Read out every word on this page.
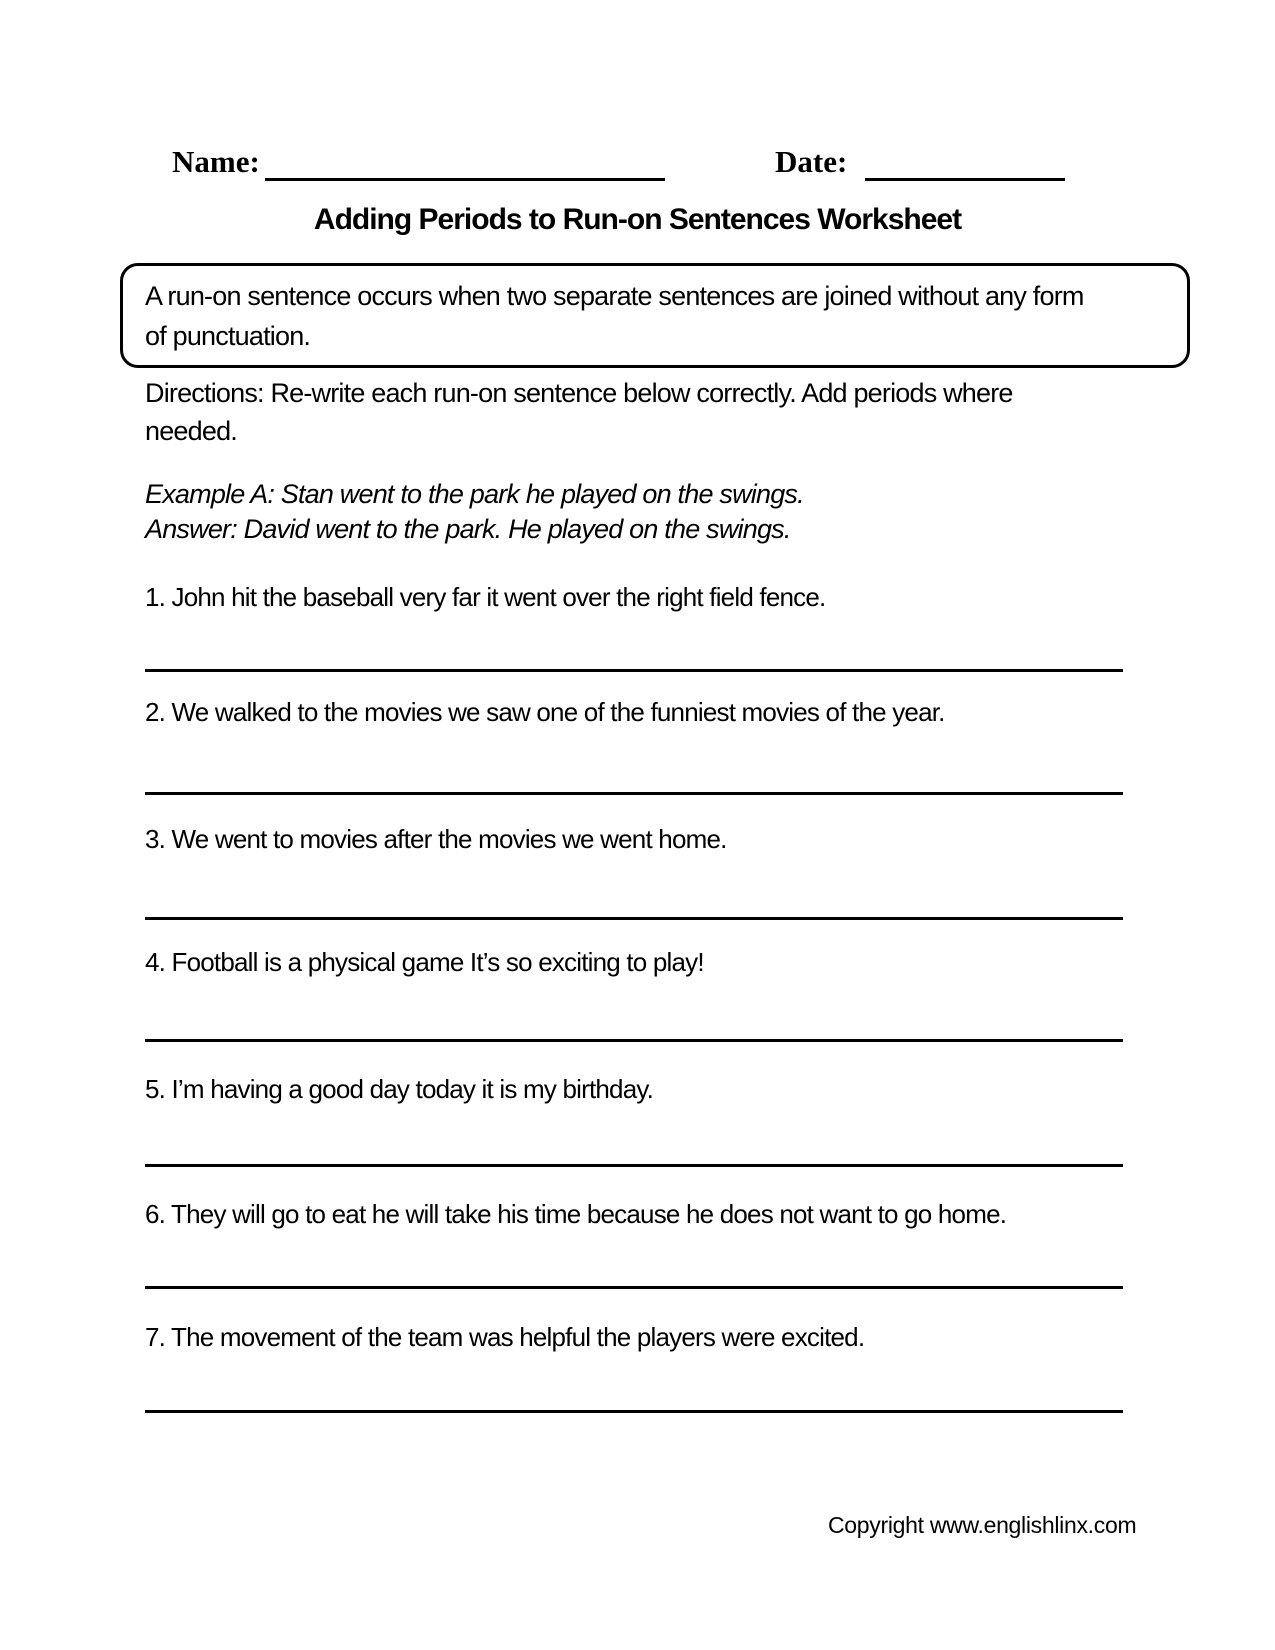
Name:	Date:
Adding Periods to Run-on Sentences Worksheet
A run-on sentence occurs when two separate sentences are joined without any form
of punctuation.
Directions: Re-write each run-on sentence below correctly. Add periods where
needed.
Example A: Stan went to the park he played on the swings.
Answer: David went to the park. He played on the swings.
1. John hit the baseball very far it went over the right field fence.
2. We walked to the movies we saw one of the funniest movies of the year.
3. We went to movies after the movies we went home.
4. Football is a physical game It’s so exciting to play!
5. I’m having a good day today it is my birthday.
6. They will go to eat he will take his time because he does not want to go home.
7. The movement of the team was helpful the players were excited.
Copyright www.englishlinx.com
